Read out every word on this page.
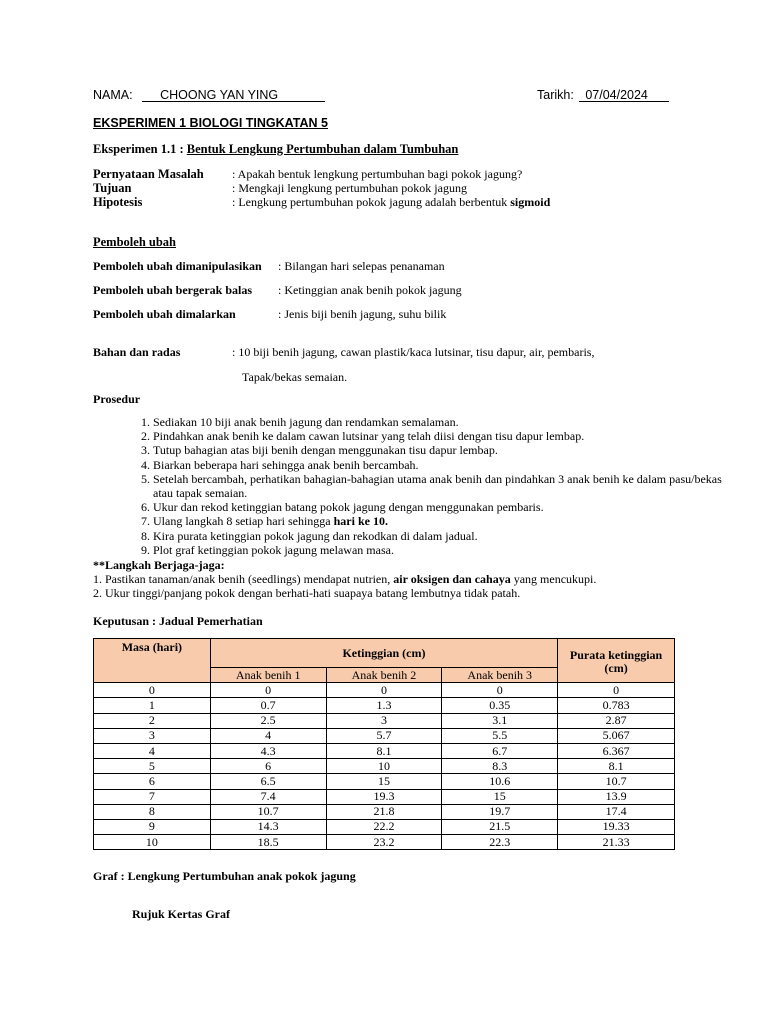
NAMA: CHOONG YAN YING	Tarikh: 07/04/2024
EKSPERIMEN 1 BIOLOGI TINGKATAN 5
Eksperimen 1.1 : Bentuk Lengkung Pertumbuhan dalam Tumbuhan
Pernyataan Masalah : Apakah bentuk lengkung pertumbuhan bagi pokok jagung?
Tujuan	: Mengkaji lengkung pertumbuhan pokok jagung
Hipotesis	: Lengkung pertumbuhan pokok jagung adalah berbentuk sigmoid
Pemboleh ubah
Pemboleh ubah dimanipulasikan : Bilangan hari selepas penanaman
Pemboleh ubah bergerak balas : Ketinggian anak benih pokok jagung
Pemboleh ubah dimalarkan	: Jenis biji benih jagung, suhu bilik
Bahan dan radas	: 10 biji benih jagung, cawan plastik/kaca lutsinar, tisu dapur, air, pembaris,
Tapak/bekas semaian.
Prosedur
1. Sediakan 10 biji anak benih jagung dan rendamkan semalaman.
2. Pindahkan anak benih ke dalam cawan lutsinar yang telah diisi dengan tisu dapur lembap.
3. Tutup bahagian atas biji benih dengan menggunakan tisu dapur lembap.
4. Biarkan beberapa hari sehingga anak benih bercambah.
5. Setelah bercambah, perhatikan bahagian-bahagian utama anak benih dan pindahkan 3 anak benih ke dalam pasu/bekas atau tapak semaian.
6. Ukur dan rekod ketinggian batang pokok jagung dengan menggunakan pembaris.
7. Ulang langkah 8 setiap hari sehingga hari ke 10.
8. Kira purata ketinggian pokok jagung dan rekodkan di dalam jadual.
9. Plot graf ketinggian pokok jagung melawan masa.
**Langkah Berjaga-jaga:
1. Pastikan tanaman/anak benih (seedlings) mendapat nutrien, air oksigen dan cahaya yang mencukupi.
2. Ukur tinggi/panjang pokok dengan berhati-hati suapaya batang lembutnya tidak patah.
Keputusan : Jadual Pemerhatian
Masa (hari)	Ketinggian (cm)			Purata ketinggian (cm)
	Anak benih 1	Anak benih 2	Anak benih 3	
0	0	0	0	0
1	0.7	1.3	0.35	0.783
2	2.5	3	3.1	2.87
3	4	5.7	5.5	5.067
4	4.3	8.1	6.7	6.367
5	6	10	8.3	8.1
6	6.5	15	10.6	10.7
7	7.4	19.3	15	13.9
8	10.7	21.8	19.7	17.4
9	14.3	22.2	21.5	19.33
10	18.5	23.2	22.3	21.33
Graf : Lengkung Pertumbuhan anak pokok jagung
Rujuk Kertas Graf
